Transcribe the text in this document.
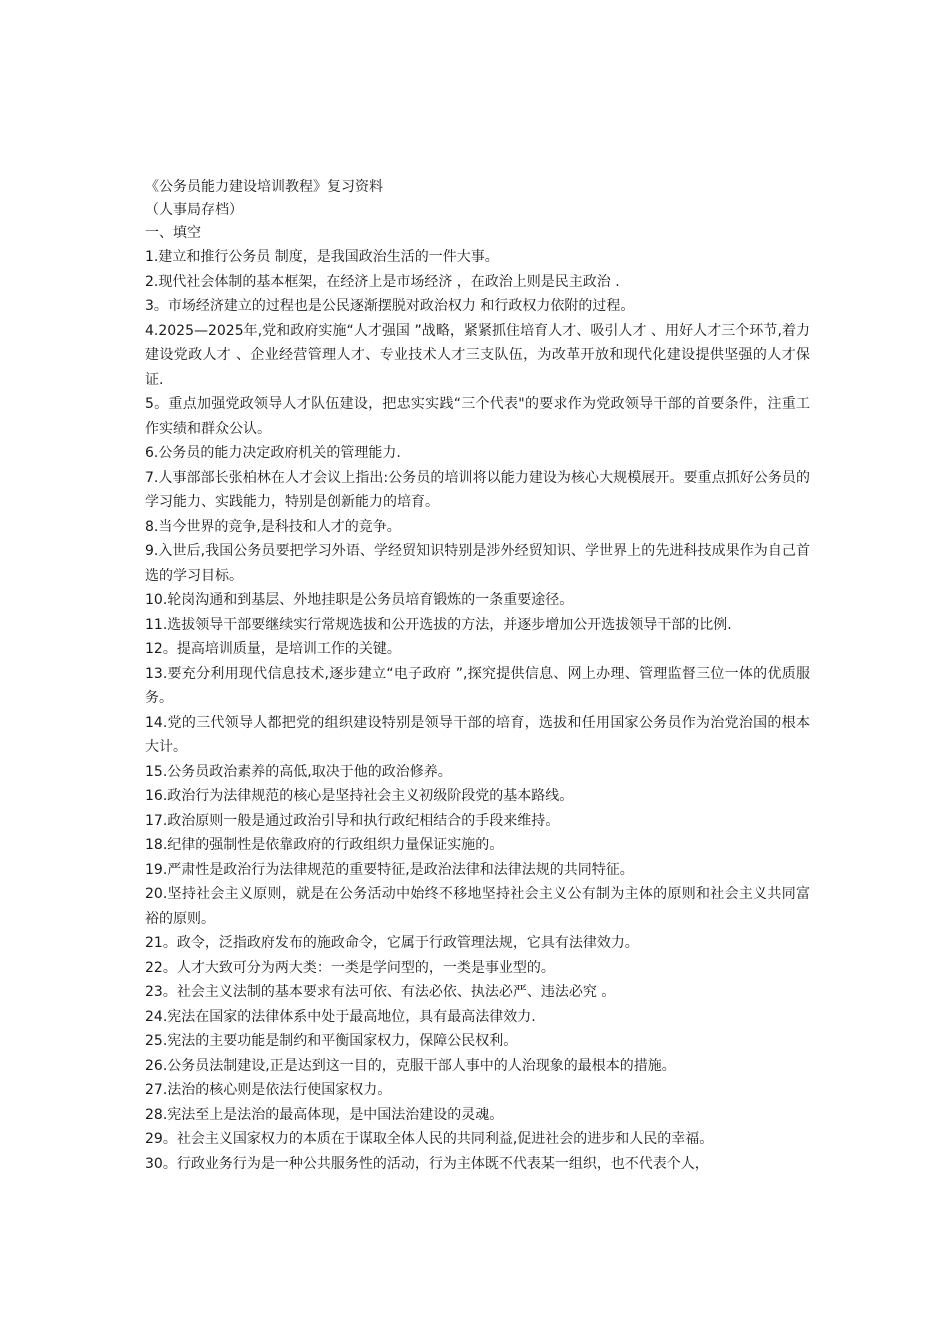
《公务员能力建设培训教程》复习资料

（人事局存档）

一、填空

1.建立和推行公务员 制度，是我国政治生活的一件大事。
2.现代社会体制的基本框架，在经济上是市场经济 ，在政治上则是民主政治 .
3。市场经济建立的过程也是公民逐渐摆脱对政治权力 和行政权力依附的过程。
4.2025—2025年,党和政府实施“人才强国 ”战略，紧紧抓住培育人才、吸引人才 、用好人才三个环节,着力建设党政人才 、企业经营管理人才、专业技术人才三支队伍，为改革开放和现代化建设提供坚强的人才保证.
5。重点加强党政领导人才队伍建设，把忠实实践“三个代表"的要求作为党政领导干部的首要条件，注重工作实绩和群众公认。
6.公务员的能力决定政府机关的管理能力.
7.人事部部长张柏林在人才会议上指出:公务员的培训将以能力建设为核心大规模展开。要重点抓好公务员的学习能力、实践能力，特别是创新能力的培育。
8.当今世界的竞争,是科技和人才的竞争。
9.入世后,我国公务员要把学习外语、学经贸知识特别是涉外经贸知识、学世界上的先进科技成果作为自己首选的学习目标。
10.轮岗沟通和到基层、外地挂职是公务员培育锻炼的一条重要途径。
11.选拔领导干部要继续实行常规选拔和公开选拔的方法，并逐步增加公开选拔领导干部的比例.
12。提高培训质量，是培训工作的关键。
13.要充分利用现代信息技术,逐步建立“电子政府 ”,探究提供信息、网上办理、管理监督三位一体的优质服务。
14.党的三代领导人都把党的组织建设特别是领导干部的培育，选拔和任用国家公务员作为治党治国的根本大计。
15.公务员政治素养的高低,取决于他的政治修养。
16.政治行为法律规范的核心是坚持社会主义初级阶段党的基本路线。
17.政治原则一般是通过政治引导和执行政纪相结合的手段来维持。
18.纪律的强制性是依靠政府的行政组织力量保证实施的。
19.严肃性是政治行为法律规范的重要特征,是政治法律和法律法规的共同特征。
20.坚持社会主义原则，就是在公务活动中始终不移地坚持社会主义公有制为主体的原则和社会主义共同富裕的原则。
21。政令，泛指政府发布的施政命令，它属于行政管理法规，它具有法律效力。
22。人才大致可分为两大类：一类是学问型的，一类是事业型的。
23。社会主义法制的基本要求有法可依、有法必依、执法必严、违法必究 。
24.宪法在国家的法律体系中处于最高地位，具有最高法律效力.
25.宪法的主要功能是制约和平衡国家权力，保障公民权利。
26.公务员法制建设,正是达到这一目的，克服干部人事中的人治现象的最根本的措施。
27.法治的核心则是依法行使国家权力。
28.宪法至上是法治的最高体现，是中国法治建设的灵魂。
29。社会主义国家权力的本质在于谋取全体人民的共同利益,促进社会的进步和人民的幸福。
30。行政业务行为是一种公共服务性的活动，行为主体既不代表某一组织，也不代表个人，
